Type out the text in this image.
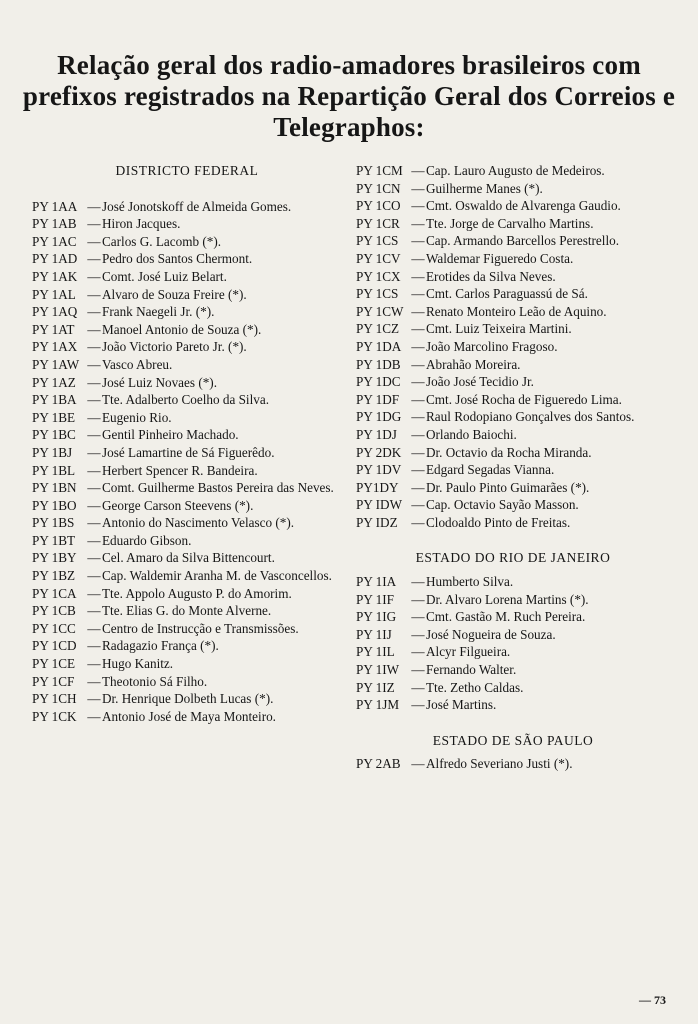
Relação geral dos radio-amadores brasileiros com prefixos registrados na Repartição Geral dos Correios e Telegraphos:
DISTRICTO FEDERAL
PY 1AA — José Jonotskoff de Almeida Gomes.
PY 1AB — Hiron Jacques.
PY 1AC — Carlos G. Lacomb (*).
PY 1AD — Pedro dos Santos Chermont.
PY 1AK — Comt. José Luiz Belart.
PY 1AL — Alvaro de Souza Freire (*).
PY 1AQ — Frank Naegeli Jr. (*).
PY 1AT — Manoel Antonio de Souza (*).
PY 1AX — João Victorio Pareto Jr. (*).
PY 1AW — Vasco Abreu.
PY 1AZ — José Luiz Novaes (*).
PY 1BA — Tte. Adalberto Coelho da Silva.
PY 1BE — Eugenio Rio.
PY 1BC — Gentil Pinheiro Machado.
PY 1BJ	— José Lamartine de Sá Figuerêdo.
PY 1BL — Herbert Spencer R. Bandeira.
PY 1BN — Comt. Guilherme Bastos Pereira das Neves.
PY 1BO — George Carson Steevens (*).
PY 1BS — Antonio do Nascimento Velasco (*).
PY 1BT — Eduardo Gibson.
PY 1BY — Cel. Amaro da Silva Bittencourt.
PY 1BZ — Cap. Waldemir Aranha M. de Vasconcellos.
PY 1CA — Tte. Appolo Augusto P. do Amorim.
PY 1CB — Tte. Elias G. do Monte Alverne.
PY 1CC — Centro de Instrucção e Transmissões.
PY 1CD — Radagazio França (*).
PY 1CE — Hugo Kanitz.
PY 1CF — Theotonio Sá Filho.
PY 1CH — Dr. Henrique Dolbeth Lucas (*).
PY 1CK — Antonio José de Maya Monteiro.
PY 1CM — Cap. Lauro Augusto de Medeiros.
PY 1CN — Guilherme Manes (*).
PY 1CO — Cmt. Oswaldo de Alvarenga Gaudio.
PY 1CR — Tte. Jorge de Carvalho Martins.
PY 1CS — Cap. Armando Barcellos Perestrello.
PY 1CV — Waldemar Figueredo Costa.
PY 1CX — Erotides da Silva Neves.
PY 1CS — Cmt. Carlos Paraguassú de Sá.
PY 1CW — Renato Monteiro Leão de Aquino.
PY 1CZ — Cmt. Luiz Teixeira Martini.
PY 1DA — João Marcolino Fragoso.
PY 1DB — Abrahão Moreira.
PY 1DC — João José Tecidio Jr.
PY 1DF — Cmt. José Rocha de Figueredo Lima.
PY 1DG — Raul Rodopiano Gonçalves dos Santos.
PY 1DJ	— Orlando Baiochi.
PY 2DK — Dr. Octavio da Rocha Miranda.
PY 1DV — Edgard Segadas Vianna.
PY1DY — Dr. Paulo Pinto Guimarães (*).
PY IDW — Cap. Octavio Sayão Masson.
PY IDZ	— Clodoaldo Pinto de Freitas.
ESTADO DO RIO DE JANEIRO
PY 1IA	— Humberto Silva.
PY 1IF	— Dr. Alvaro Lorena Martins (*).
PY 1IG	— Cmt. Gastão M. Ruch Pereira.
PY 1IJ	— José Nogueira de Souza.
PY 1IL	— Alcyr Filgueira.
PY 1IW — Fernando Walter.
PY 1IZ	— Tte. Zetho Caldas.
PY 1JM — José Martins.
ESTADO DE SÃO PAULO
PY 2AB — Alfredo Severiano Justi (*).
— 73
